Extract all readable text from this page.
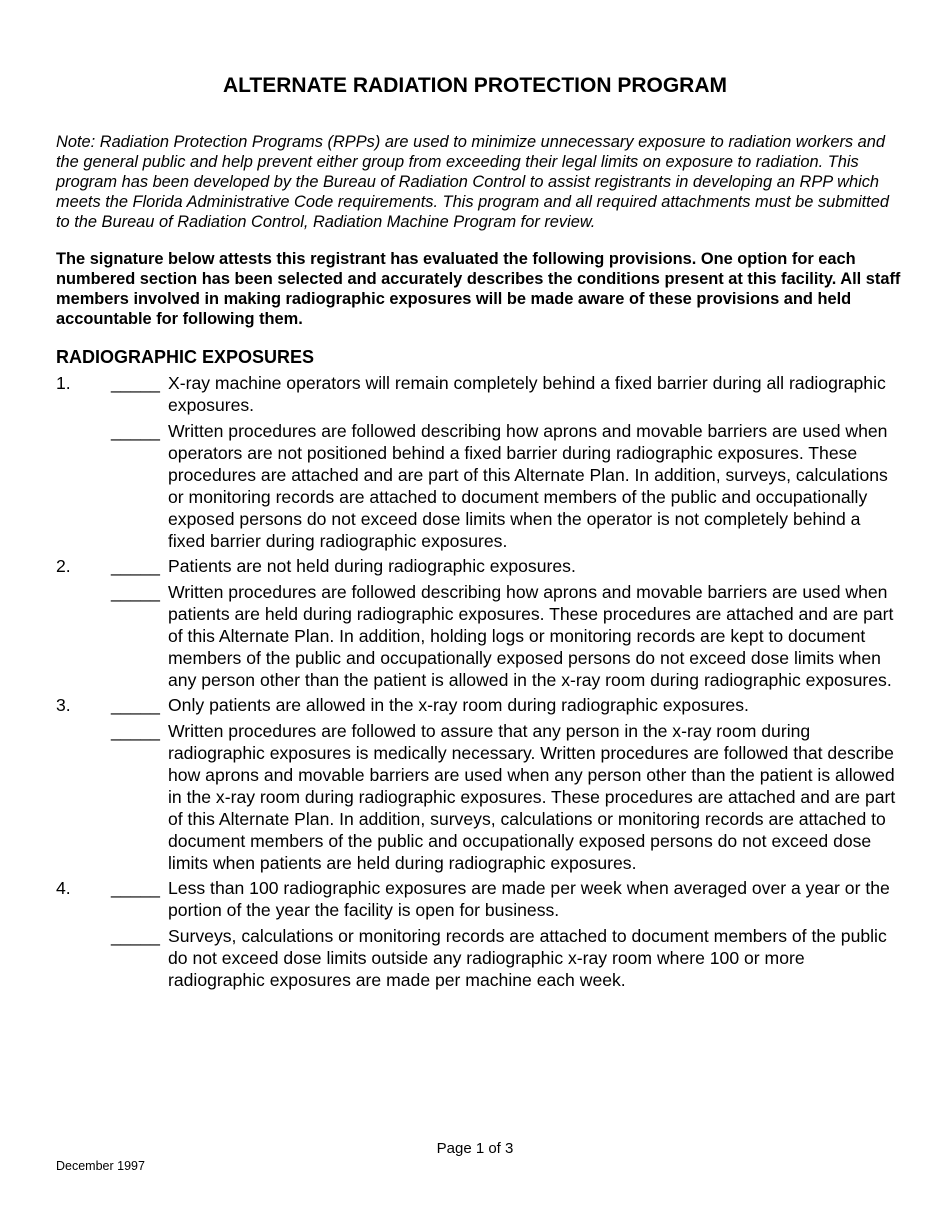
ALTERNATE RADIATION PROTECTION PROGRAM

Note: Radiation Protection Programs (RPPs) are used to minimize unnecessary exposure to radiation workers and the general public and help prevent either group from exceeding their legal limits on exposure to radiation. This program has been developed by the Bureau of Radiation Control to assist registrants in developing an RPP which meets the Florida Administrative Code requirements. This program and all required attachments must be submitted to the Bureau of Radiation Control, Radiation Machine Program for review.

The signature below attests this registrant has evaluated the following provisions. One option for each numbered section has been selected and accurately describes the conditions present at this facility. All staff members involved in making radiographic exposures will be made aware of these provisions and held accountable for following them.

RADIOGRAPHIC EXPOSURES
1. _____ X-ray machine operators will remain completely behind a fixed barrier during all radiographic exposures.
_____ Written procedures are followed describing how aprons and movable barriers are used when operators are not positioned behind a fixed barrier during radiographic exposures. These procedures are attached and are part of this Alternate Plan. In addition, surveys, calculations or monitoring records are attached to document members of the public and occupationally exposed persons do not exceed dose limits when the operator is not completely behind a fixed barrier during radiographic exposures.
2. _____ Patients are not held during radiographic exposures.
_____ Written procedures are followed describing how aprons and movable barriers are used when patients are held during radiographic exposures. These procedures are attached and are part of this Alternate Plan. In addition, holding logs or monitoring records are kept to document members of the public and occupationally exposed persons do not exceed dose limits when any person other than the patient is allowed in the x-ray room during radiographic exposures.
3. _____ Only patients are allowed in the x-ray room during radiographic exposures.
_____ Written procedures are followed to assure that any person in the x-ray room during radiographic exposures is medically necessary. Written procedures are followed that describe how aprons and movable barriers are used when any person other than the patient is allowed in the x-ray room during radiographic exposures. These procedures are attached and are part of this Alternate Plan. In addition, surveys, calculations or monitoring records are attached to document members of the public and occupationally exposed persons do not exceed dose limits when patients are held during radiographic exposures.
4. _____ Less than 100 radiographic exposures are made per week when averaged over a year or the portion of the year the facility is open for business.
_____ Surveys, calculations or monitoring records are attached to document members of the public do not exceed dose limits outside any radiographic x-ray room where 100 or more radiographic exposures are made per machine each week.
Page 1 of 3
December 1997
